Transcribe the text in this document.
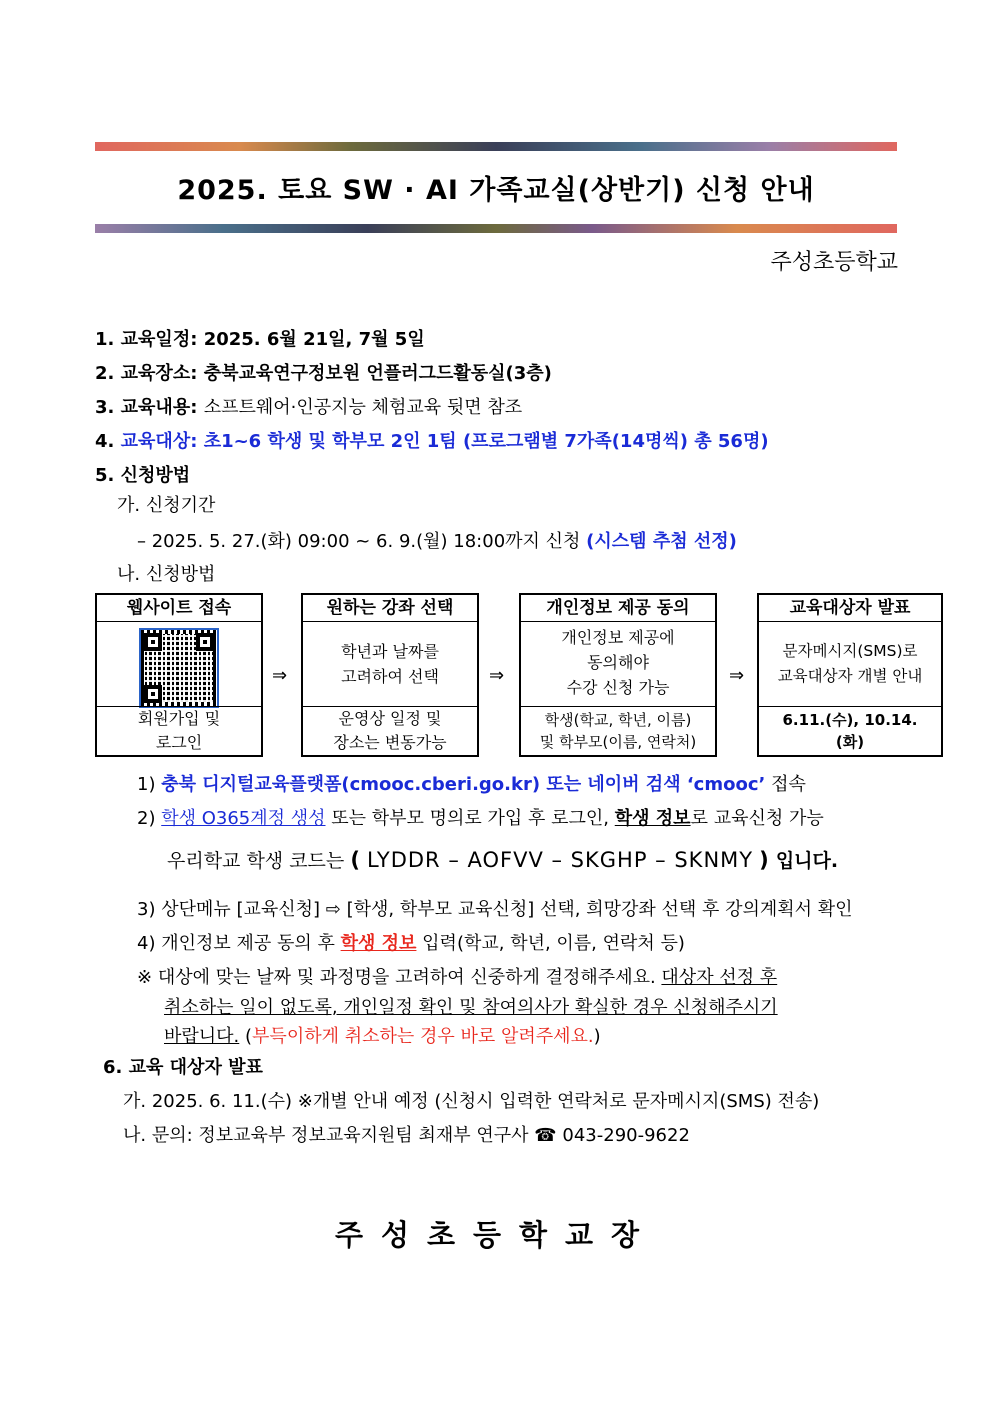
2025. 토요 SW · AI 가족교실(상반기) 신청 안내
주성초등학교
1. 교육일정: 2025. 6월 21일, 7월 5일
2. 교육장소: 충북교육연구정보원 언플러그드활동실(3층)
3. 교육내용: 소프트웨어·인공지능 체험교육 뒷면 참조
4. 교육대상: 초1~6 학생 및 학부모 2인 1팀 (프로그램별 7가족(14명씩) 총 56명)
5. 신청방법
가. 신청기간
– 2025. 5. 27.(화) 09:00 ~ 6. 9.(월) 18:00까지 신청 (시스템 추첨 선정)
나. 신청방법
웹사이트 접속
회원가입 및
로그인
⇒
원하는 강좌 선택
학년과 날짜를
고려하여 선택
운영상 일정 및
장소는 변동가능
⇒
개인정보 제공 동의
개인정보 제공에
동의해야
수강 신청 가능
학생(학교, 학년, 이름)
및 학부모(이름, 연락처)
⇒
교육대상자 발표
문자메시지(SMS)로
교육대상자 개별 안내
6.11.(수), 10.14.
(화)
1) 충북 디지털교육플랫폼(cmooc.cberi.go.kr) 또는 네이버 검색 ‘cmooc’ 접속
2) 학생 O365계정 생성 또는 학부모 명의로 가입 후 로그인, 학생 정보로 교육신청 가능
우리학교 학생 코드는 ( LYDDR – AOFVV – SKGHP – SKNMY ) 입니다.
3) 상단메뉴 [교육신청] ⇨ [학생, 학부모 교육신청] 선택, 희망강좌 선택 후 강의계획서 확인
4) 개인정보 제공 동의 후 학생 정보 입력(학교, 학년, 이름, 연락처 등)
※ 대상에 맞는 날짜 및 과정명을 고려하여 신중하게 결정해주세요. 대상자 선정 후
취소하는 일이 없도록, 개인일정 확인 및 참여의사가 확실한 경우 신청해주시기
바랍니다. (부득이하게 취소하는 경우 바로 알려주세요.)
6. 교육 대상자 발표
가. 2025. 6. 11.(수) ※개별 안내 예정 (신청시 입력한 연락처로 문자메시지(SMS) 전송)
나. 문의: 정보교육부 정보교육지원팀 최재부 연구사 ☎ 043-290-9622
주성초등학교장
